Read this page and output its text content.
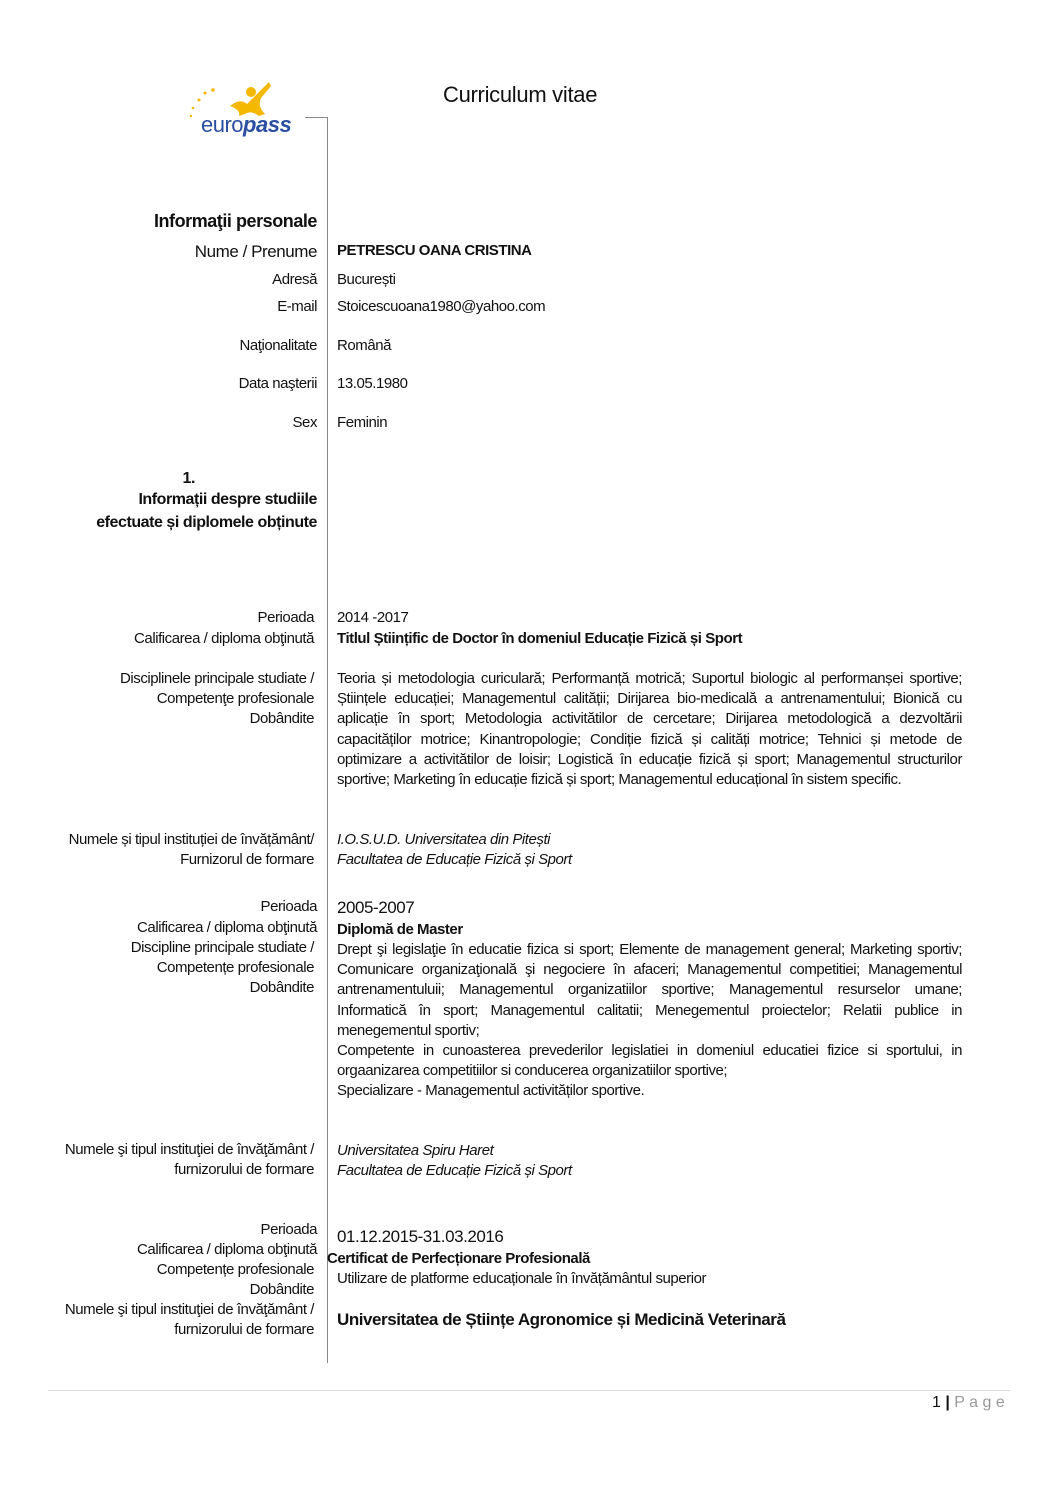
europass
Curriculum vitae
Informaţii personale
Nume / Prenume PETRESCU OANA CRISTINA
Adresă București
E-mail Stoicescuoana1980@yahoo.com
Naţionalitate Română
Data naşterii 13.05.1980
Sex Feminin
1.
Informații despre studiile
efectuate și diplomele obținute
Perioada 2014 -2017
Calificarea / diploma obţinută Titlul Științific de Doctor în domeniul Educație Fizică și Sport
Disciplinele principale studiate /
Competenţe profesionale
Dobândite
Teoria și metodologia curiculară; Performanță motrică; Suportul biologic al performanșei sportive; Științele educației; Managementul calității; Dirijarea bio-medicală a antrenamentului; Bionică cu aplicație în sport; Metodologia activitătilor de cercetare; Dirijarea metodologică a dezvoltării capacităților motrice; Kinantropologie; Condiție fizică și calități motrice; Tehnici și metode de optimizare a activitătilor de loisir; Logistică în educație fizică și sport; Managementul structurilor sportive; Marketing în educație fizică și sport; Managementul educațional în sistem specific.
Numele și tipul instituției de învățământ/
Furnizorul de formare
I.O.S.U.D. Universitatea din Pitești
Facultatea de Educație Fizică și Sport
Perioada 2005-2007
Calificarea / diploma obţinută Diplomă de Master
Discipline principale studiate /
Competențe profesionale
Dobândite
Drept şi legislaţie în educatie fizica si sport; Elemente de management general; Marketing sportiv; Comunicare organizaţională şi negociere în afaceri; Managementul competitiei; Managementul antrenamentuluii; Managementul organizatiilor sportive; Managementul resurselor umane; Informatică în sport; Managementul calitatii; Menegementul proiectelor; Relatii publice in menegementul sportiv;
Competente in cunoasterea prevederilor legislatiei in domeniul educatiei fizice si sportului, in orgaanizarea competitiilor si conducerea organizatiilor sportive;
Specializare - Managementul activităților sportive.
Numele şi tipul instituţiei de învăţământ /
furnizorului de formare
Universitatea Spiru Haret
Facultatea de Educație Fizică și Sport
Perioada 01.12.2015-31.03.2016
Calificarea / diploma obţinută
Certificat de Perfecționare Profesională
Competențe profesionale
Dobândite
Utilizare de platforme educaționale în învățământul superior
Numele şi tipul instituţiei de învăţământ /
furnizorului de formare
Universitatea de Științe Agronomice și Medicină Veterinară
1 | P a g e
